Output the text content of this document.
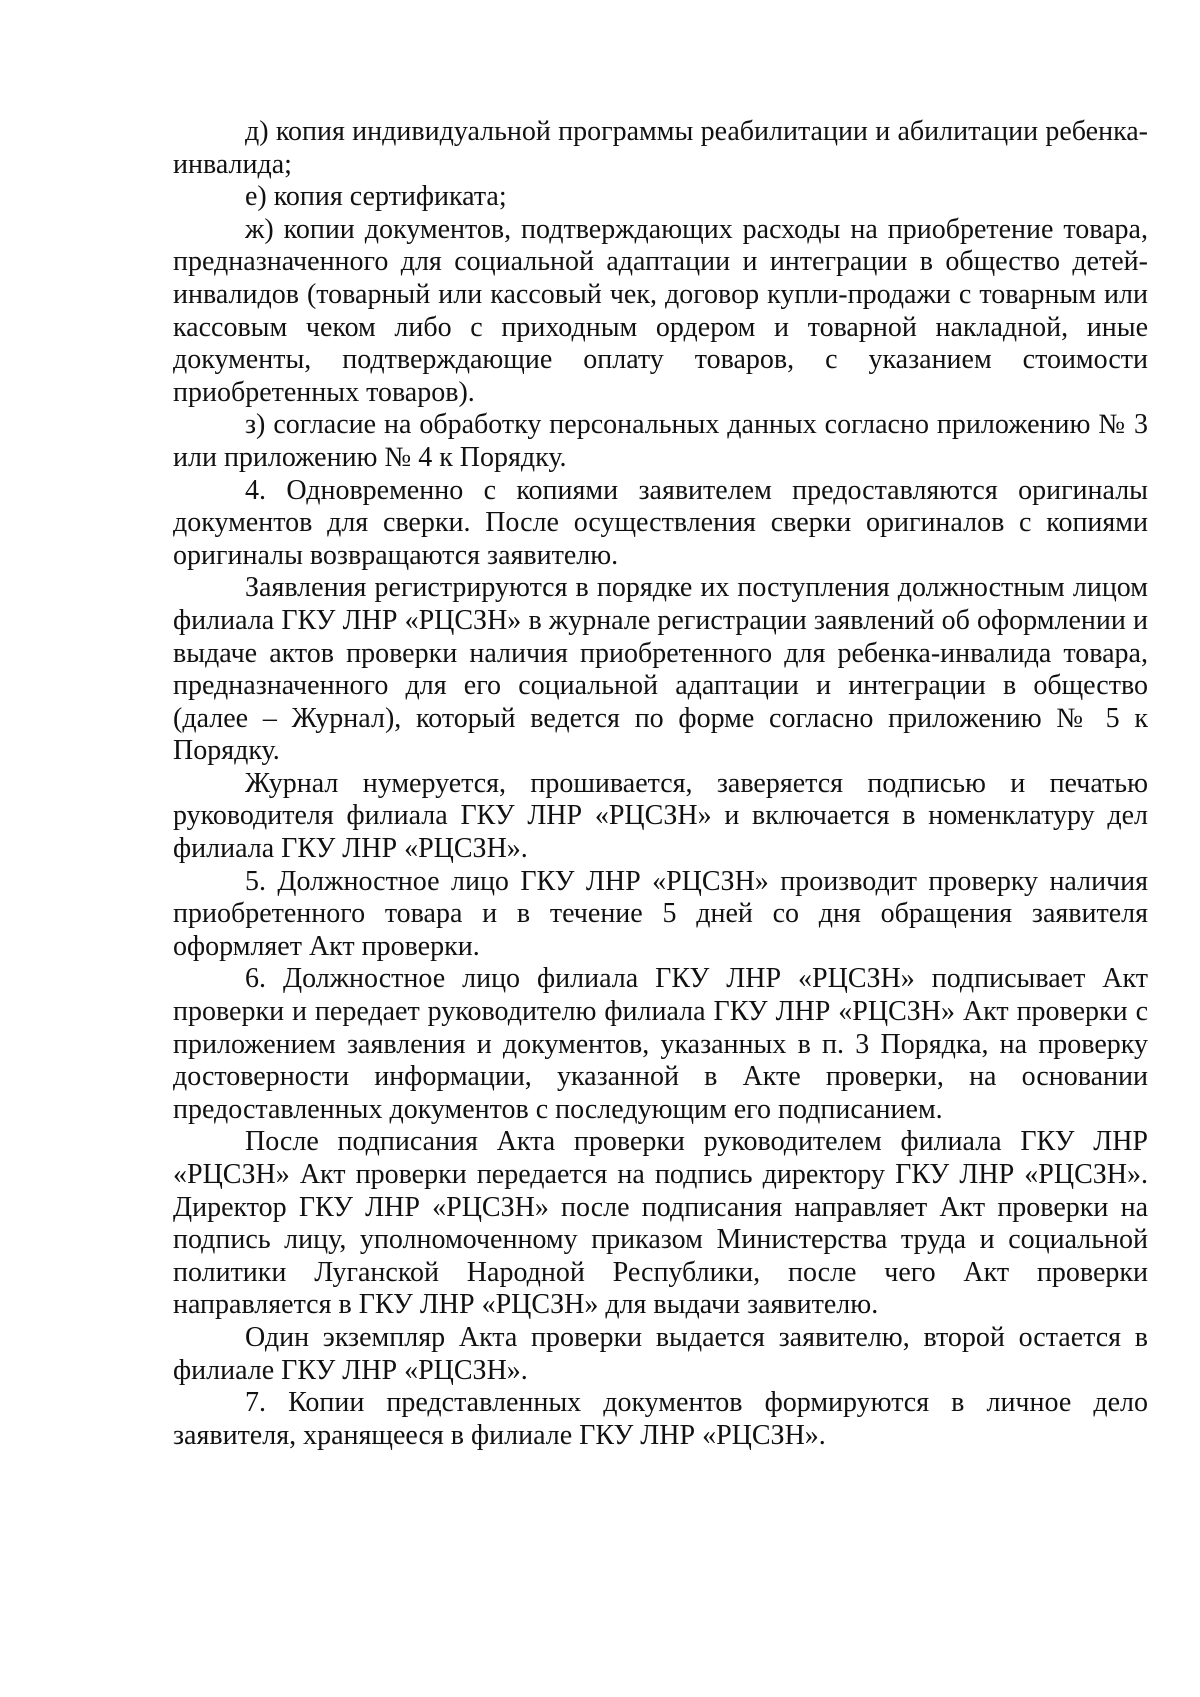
д) копия индивидуальной программы реабилитации и абилитации ребенка-инвалида;

е) копия сертификата;

ж) копии документов, подтверждающих расходы на приобретение товара, предназначенного для социальной адаптации и интеграции в общество детей-инвалидов (товарный или кассовый чек, договор купли-продажи с товарным или кассовым чеком либо с приходным ордером и товарной накладной, иные документы, подтверждающие оплату товаров, с указанием стоимости приобретенных товаров).

з) согласие на обработку персональных данных согласно приложению № 3 или приложению № 4 к Порядку.

4. Одновременно с копиями заявителем предоставляются оригиналы документов для сверки. После осуществления сверки оригиналов с копиями оригиналы возвращаются заявителю.

Заявления регистрируются в порядке их поступления должностным лицом филиала ГКУ ЛНР «РЦСЗН» в журнале регистрации заявлений об оформлении и выдаче актов проверки наличия приобретенного для ребенка-инвалида товара, предназначенного для его социальной адаптации и интеграции в общество (далее – Журнал), который ведется по форме согласно приложению № 5 к Порядку.

Журнал нумеруется, прошивается, заверяется подписью и печатью руководителя филиала ГКУ ЛНР «РЦСЗН» и включается в номенклатуру дел филиала ГКУ ЛНР «РЦСЗН».

5. Должностное лицо ГКУ ЛНР «РЦСЗН» производит проверку наличия приобретенного товара и в течение 5 дней со дня обращения заявителя оформляет Акт проверки.

6. Должностное лицо филиала ГКУ ЛНР «РЦСЗН» подписывает Акт проверки и передает руководителю филиала ГКУ ЛНР «РЦСЗН» Акт проверки с приложением заявления и документов, указанных в п. 3 Порядка, на проверку достоверности информации, указанной в Акте проверки, на основании предоставленных документов с последующим его подписанием.

После подписания Акта проверки руководителем филиала ГКУ ЛНР «РЦСЗН» Акт проверки передается на подпись директору ГКУ ЛНР «РЦСЗН». Директор ГКУ ЛНР «РЦСЗН» после подписания направляет Акт проверки на подпись лицу, уполномоченному приказом Министерства труда и социальной политики Луганской Народной Республики, после чего Акт проверки направляется в ГКУ ЛНР «РЦСЗН» для выдачи заявителю.

Один экземпляр Акта проверки выдается заявителю, второй остается в филиале ГКУ ЛНР «РЦСЗН».

7. Копии представленных документов формируются в личное дело заявителя, хранящееся в филиале ГКУ ЛНР «РЦСЗН».
